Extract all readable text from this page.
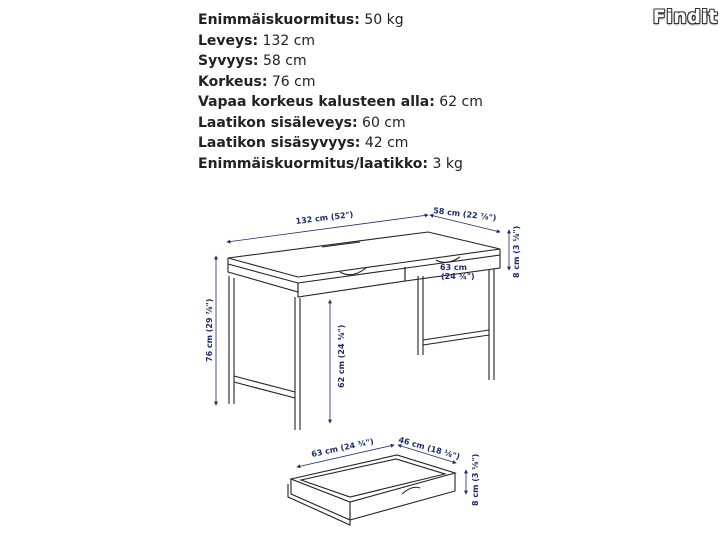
Enimmäiskuormitus: 50 kg
Leveys: 132 cm
Syvyys: 58 cm
Korkeus: 76 cm
Vapaa korkeus kalusteen alla: 62 cm
Laatikon sisäleveys: 60 cm
Laatikon sisäsyvyys: 42 cm
Enimmäiskuormitus/laatikko: 3 kg
Findit
132 cm (52")	58 cm (22 ⅞")
8 cm (3 ⅛")
63 cm
(24 ¾")
76 cm (29 ⅞")	62 cm (24 ⅜")
63 cm (24 ¾")	46 cm (18 ⅛")
8 cm (3 ⅛")
